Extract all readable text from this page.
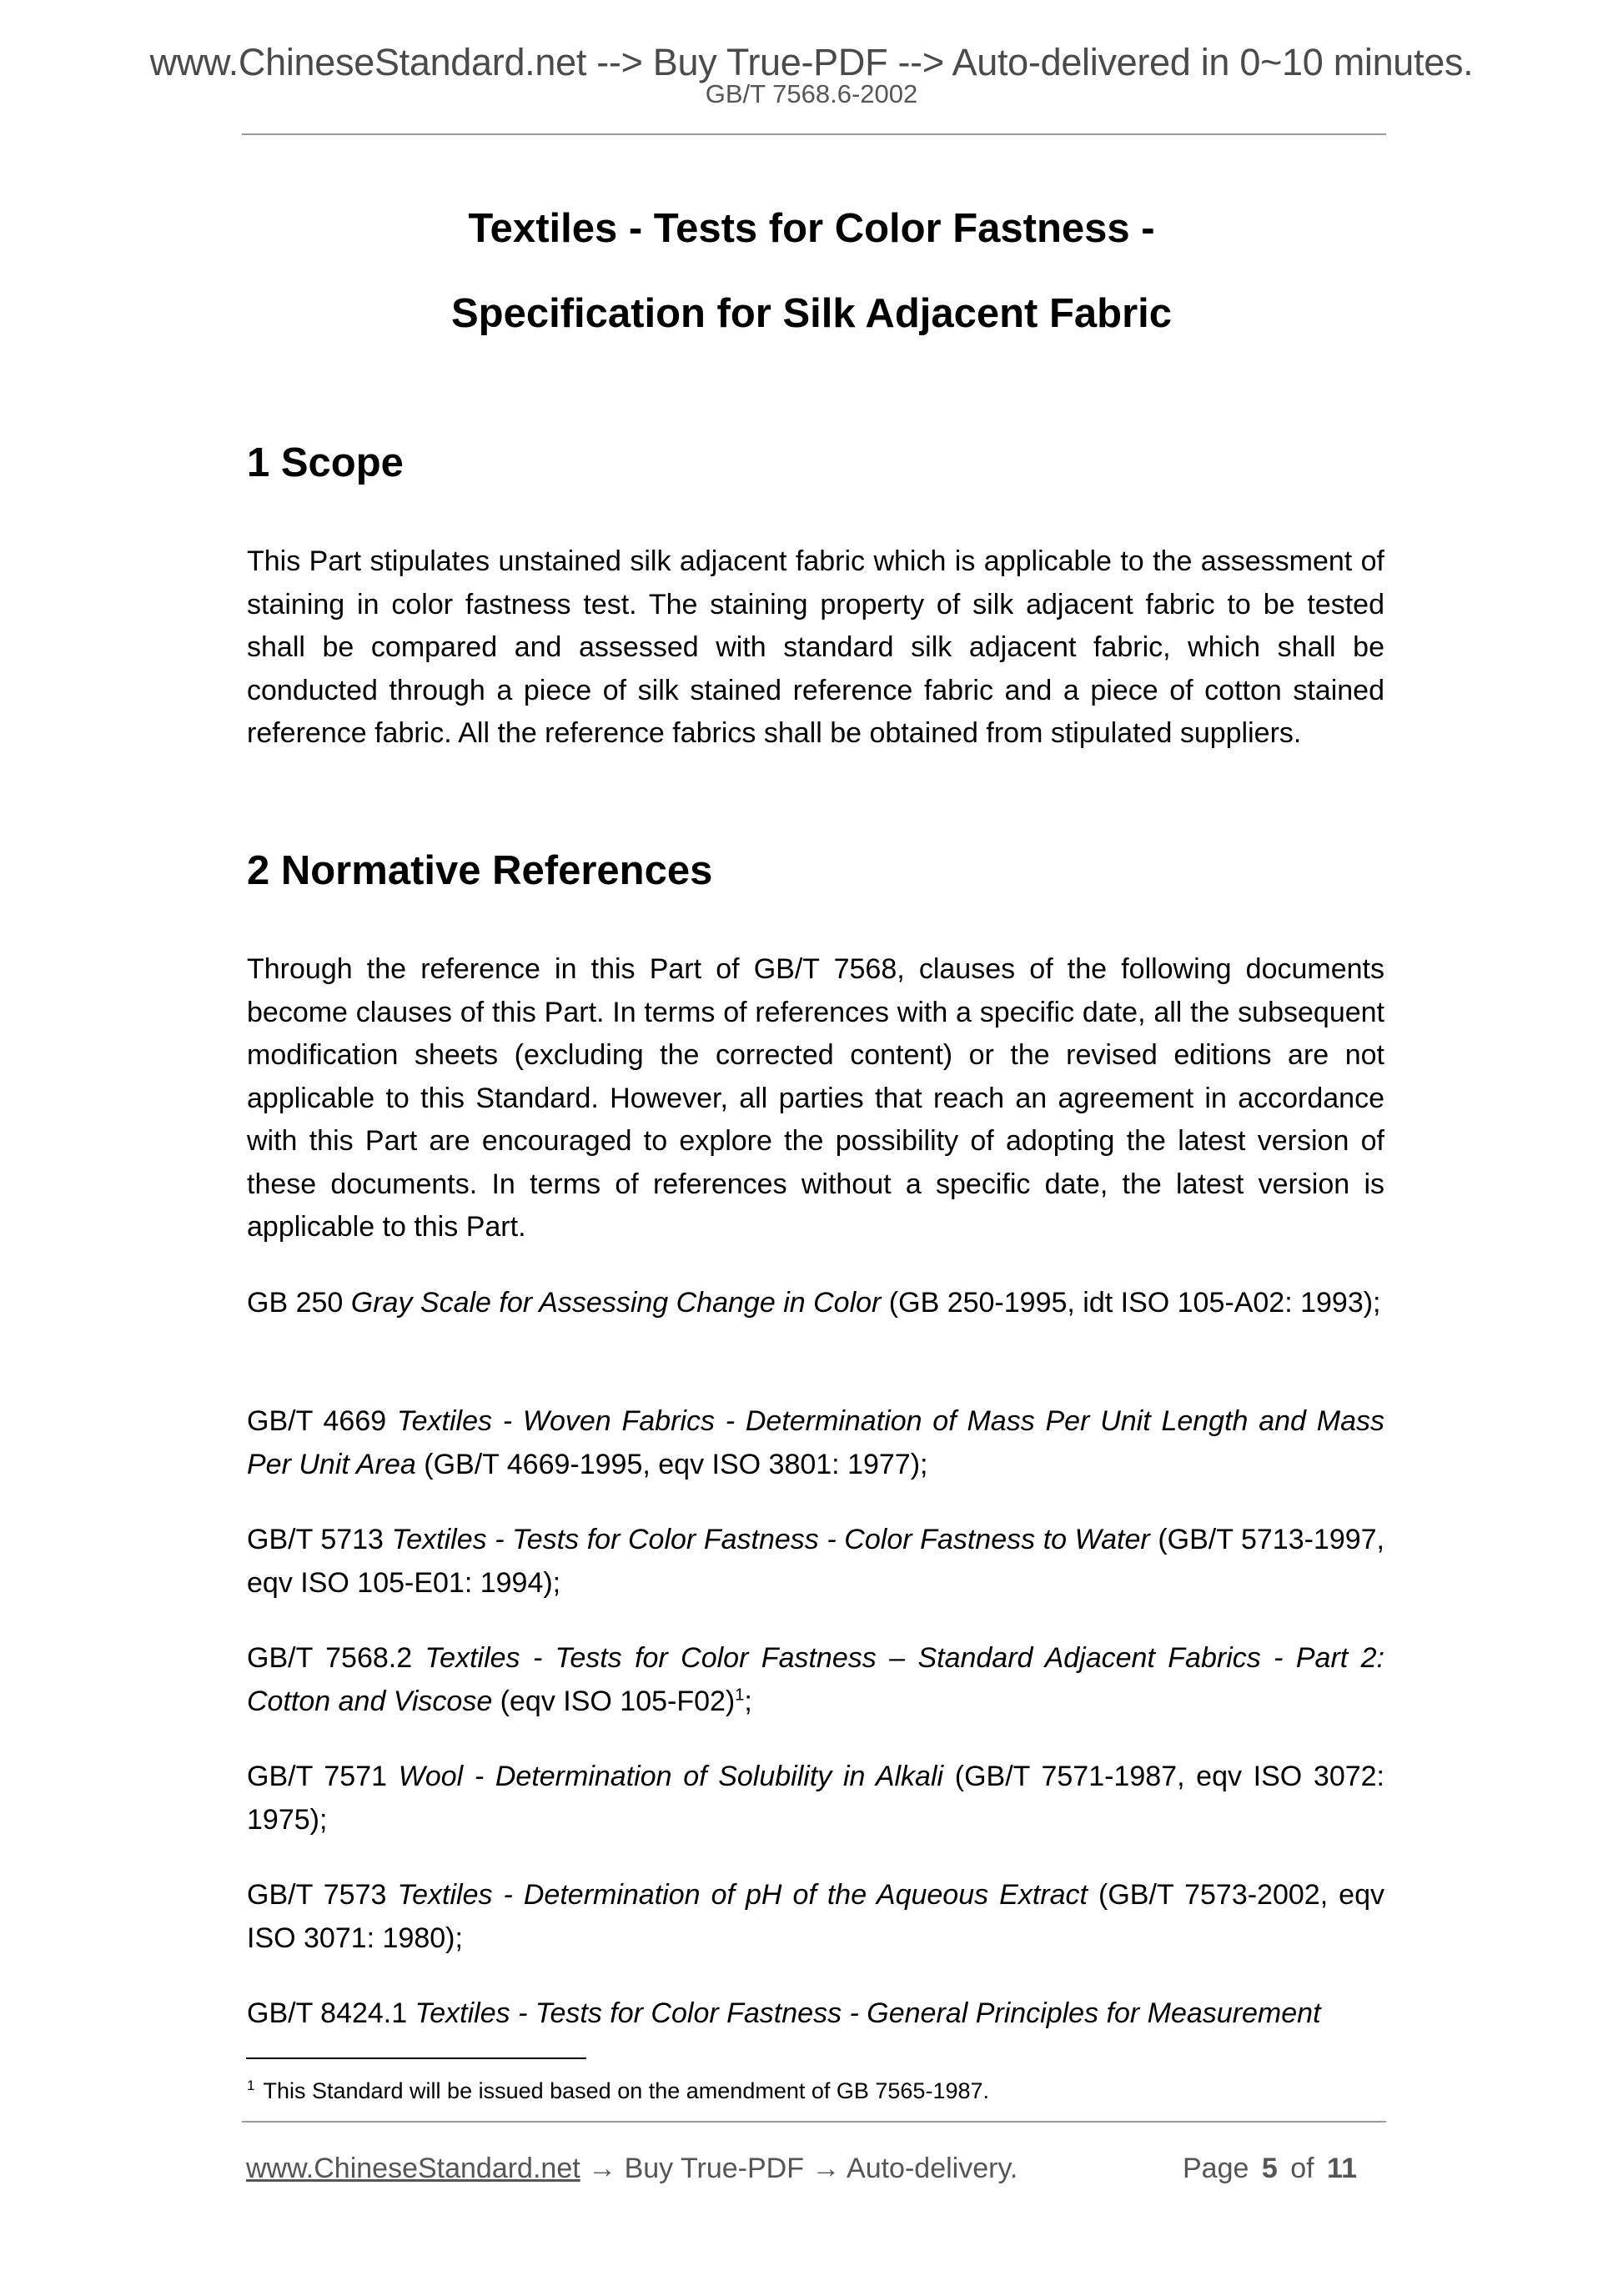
www.ChineseStandard.net --> Buy True-PDF --> Auto-delivered in 0~10 minutes.
GB/T 7568.6-2002
Textiles - Tests for Color Fastness -
Specification for Silk Adjacent Fabric
1 Scope
This Part stipulates unstained silk adjacent fabric which is applicable to the assessment of staining in color fastness test. The staining property of silk adjacent fabric to be tested shall be compared and assessed with standard silk adjacent fabric, which shall be conducted through a piece of silk stained reference fabric and a piece of cotton stained reference fabric. All the reference fabrics shall be obtained from stipulated suppliers.
2 Normative References
Through the reference in this Part of GB/T 7568, clauses of the following documents become clauses of this Part. In terms of references with a specific date, all the subsequent modification sheets (excluding the corrected content) or the revised editions are not applicable to this Standard. However, all parties that reach an agreement in accordance with this Part are encouraged to explore the possibility of adopting the latest version of these documents. In terms of references without a specific date, the latest version is applicable to this Part.

GB 250 Gray Scale for Assessing Change in Color (GB 250-1995, idt ISO 105-A02: 1993);

GB/T 4669 Textiles - Woven Fabrics - Determination of Mass Per Unit Length and Mass Per Unit Area (GB/T 4669-1995, eqv ISO 3801: 1977);

GB/T 5713 Textiles - Tests for Color Fastness - Color Fastness to Water (GB/T 5713-1997, eqv ISO 105-E01: 1994);

GB/T 7568.2 Textiles - Tests for Color Fastness – Standard Adjacent Fabrics - Part 2: Cotton and Viscose (eqv ISO 105-F02)$^1$;

GB/T 7571 Wool - Determination of Solubility in Alkali (GB/T 7571-1987, eqv ISO 3072: 1975);

GB/T 7573 Textiles - Determination of pH of the Aqueous Extract (GB/T 7573-2002, eqv ISO 3071: 1980);

GB/T 8424.1 Textiles - Tests for Color Fastness - General Principles for Measurement

$^1$ This Standard will be issued based on the amendment of GB 7565-1987.
www.ChineseStandard.net → Buy True-PDF → Auto-delivery.	Page 5 of 11
